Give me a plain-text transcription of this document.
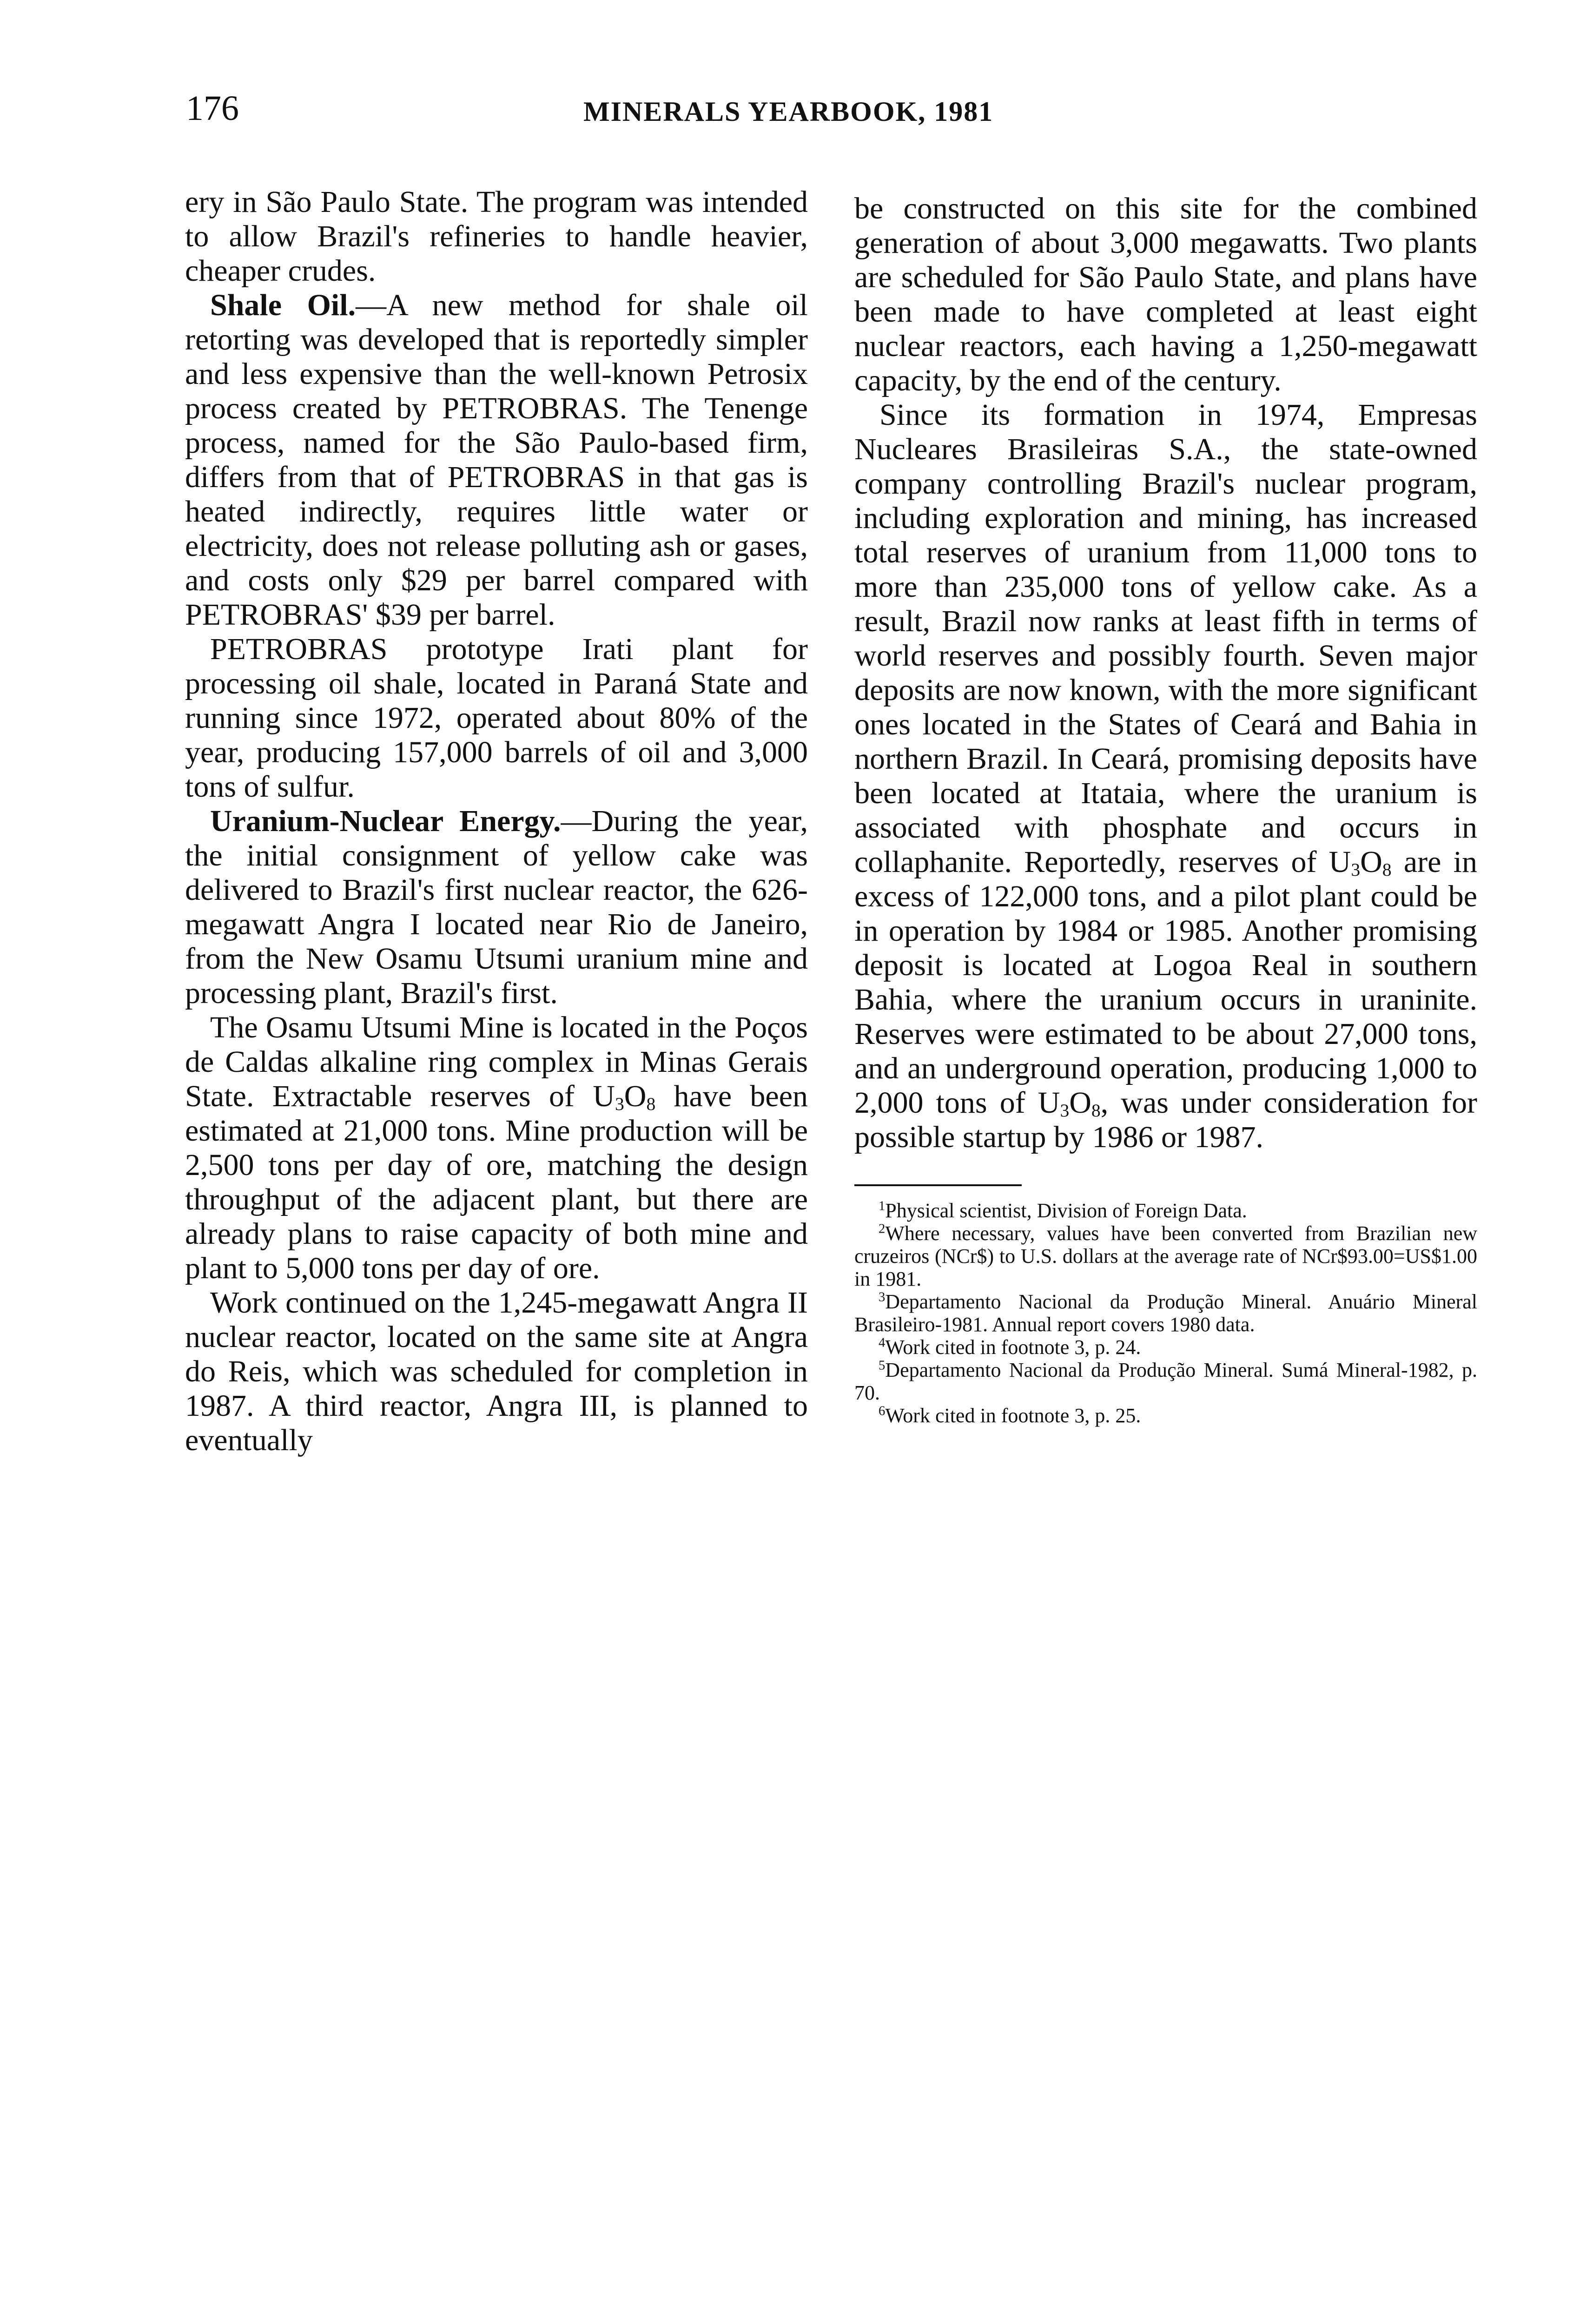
176	MINERALS YEARBOOK, 1981

ery in São Paulo State. The program was intended to allow Brazil's refineries to handle heavier, cheaper crudes.

Shale Oil.—A new method for shale oil retorting was developed that is reportedly simpler and less expensive than the well-known Petrosix process created by PETROBRAS. The Tenenge process, named for the São Paulo-based firm, differs from that of PETROBRAS in that gas is heated indirectly, requires little water or electricity, does not release polluting ash or gases, and costs only $29 per barrel compared with PETROBRAS' $39 per barrel.

PETROBRAS prototype Irati plant for processing oil shale, located in Paraná State and running since 1972, operated about 80% of the year, producing 157,000 barrels of oil and 3,000 tons of sulfur.

Uranium-Nuclear Energy.—During the year, the initial consignment of yellow cake was delivered to Brazil's first nuclear reactor, the 626-megawatt Angra I located near Rio de Janeiro, from the New Osamu Utsumi uranium mine and processing plant, Brazil's first.

The Osamu Utsumi Mine is located in the Poços de Caldas alkaline ring complex in Minas Gerais State. Extractable reserves of $U_3O_8$ have been estimated at 21,000 tons. Mine production will be 2,500 tons per day of ore, matching the design throughput of the adjacent plant, but there are already plans to raise capacity of both mine and plant to 5,000 tons per day of ore.

Work continued on the 1,245-megawatt Angra II nuclear reactor, located on the same site at Angra do Reis, which was scheduled for completion in 1987. A third reactor, Angra III, is planned to eventually

be constructed on this site for the combined generation of about 3,000 megawatts. Two plants are scheduled for São Paulo State, and plans have been made to have completed at least eight nuclear reactors, each having a 1,250-megawatt capacity, by the end of the century.

Since its formation in 1974, Empresas Nucleares Brasileiras S.A., the state-owned company controlling Brazil's nuclear program, including exploration and mining, has increased total reserves of uranium from 11,000 tons to more than 235,000 tons of yellow cake. As a result, Brazil now ranks at least fifth in terms of world reserves and possibly fourth. Seven major deposits are now known, with the more significant ones located in the States of Ceará and Bahia in northern Brazil. In Ceará, promising deposits have been located at Itataia, where the uranium is associated with phosphate and occurs in collaphanite. Reportedly, reserves of $U_3O_8$ are in excess of 122,000 tons, and a pilot plant could be in operation by 1984 or 1985. Another promising deposit is located at Logoa Real in southern Bahia, where the uranium occurs in uraninite. Reserves were estimated to be about 27,000 tons, and an underground operation, producing 1,000 to 2,000 tons of $U_3O_8$, was under consideration for possible startup by 1986 or 1987.

$^1$Physical scientist, Division of Foreign Data.

$^2$Where necessary, values have been converted from Brazilian new cruzeiros (NCr$) to U.S. dollars at the average rate of NCr$93.00=US$1.00 in 1981.

$^3$Departamento Nacional da Produção Mineral. Anuário Mineral Brasileiro-1981. Annual report covers 1980 data.

$^4$Work cited in footnote 3, p. 24.

$^5$Departamento Nacional da Produção Mineral. Sumá Mineral-1982, p. 70.

$^6$Work cited in footnote 3, p. 25.
